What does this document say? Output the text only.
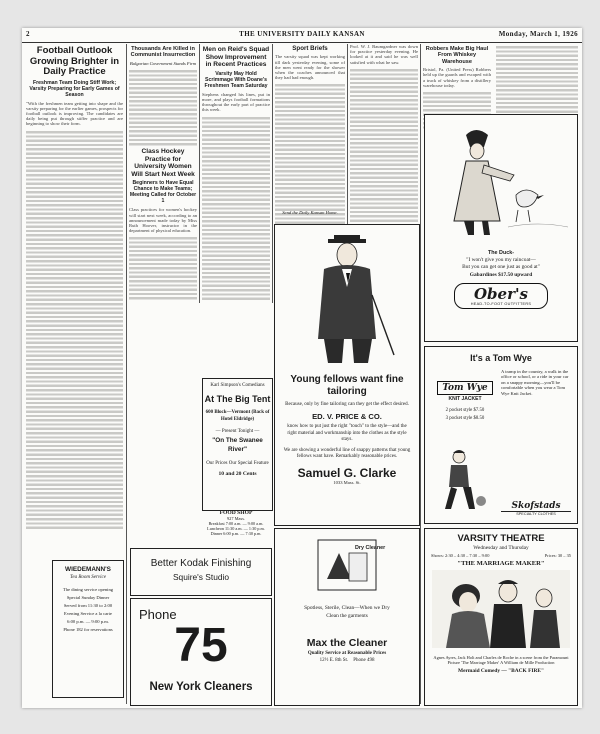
2	THE UNIVERSITY DAILY KANSAN	Monday, March 1, 1926
Football Outlook Growing Brighter in Daily Practice
Freshman Team Doing Stiff Work; Varsity Preparing for Early Games of Season
"With the freshmen team getting into shape and the varsity preparing for the earlier games, prospects for football outlook is improving. The candidates are daily being put through stiffer practice and are beginning to show their form.
WIEDEMANN'S
Tea Room Service
The dining service opening
Special Sunday Dinner
Served from 11:30 to 2:00
Evening Service a la carte
6:00 p.m. — 9:00 p.m.
Phone 182 for reservations
Thousands Are Killed in Communist Insurrection
Bulgarian Government Stands Firm
Class Hockey Practice for University Women Will Start Next Week
Beginners to Have Equal Chance to Make Teams; Meeting Called for October 1
Class practices for women's hockey will start next week, according to an announcement made today by Miss Ruth Hoover, instructor in the department of physical education.
Men on Reid's Squad Show Improvement in Recent Practices
Varsity May Hold Scrimmage With Doane's Freshmen Team Saturday
Stephens changed his lines, put in more, and plays football formations throughout the early part of practice this week.
Sport Briefs
The varsity squad was kept working till dark yesterday evening, some of the men went ready for the shower when the coaches announced that they had had enough.
Prof. W. J. Baumgardner was down for practice yesterday evening. He looked at it and said he was well satisfied with what he saw.
Robbers Make Big Haul From Whiskey Warehouse
Bristol, Pa. (United Press) Robbers held up the guards and escaped with a truck of whiskey from a distillery warehouse today.
The Duck-
"I won't give you my raincoat—
But you can get one just as good at"
Gabardines $17.50 upward
Ober's
HEAD-TO-FOOT OUTFITTERS
It's a Tom Wye
A tramp in the country, a walk in the office or school, or a ride in your car on a snappy morning—you'll be comfortable when you wear a Tom Wye Knit Jacket.
Tom Wye
KNIT JACKET
2 pocket style $7.50
3 pocket style $8.50
Skofstads
SPECIALTY CLOTHES
Karl Simpson's Comedians
At The Big Tent
600 Block—Vermont (Back of Hotel Eldridge)
— Present Tonight —
"On The Swanee River"
Our Prices Our Special Feature
10 and 20 Cents
FOOD SHOP
927 Mass.
Breakfast 7:00 a.m. — 9:00 a.m.
Luncheon 11:30 a.m. — 1:30 p.m.
Dinner 6:00 p.m. — 7:30 p.m.
Young fellows want fine tailoring
Because, only by fine tailoring can they get the effect desired.
ED. V. PRICE & CO.
know how to put just the right "touch" to the style—and the right material and workmanship into the clothes as the style stays.
We are showing a wonderful line of snappy patterns that young fellows want have. Remarkably reasonable prices.
Samuel G. Clarke
1033 Mass. St.
Send the Daily Kansan Home.
Better Kodak Finishing
Squire's Studio
Phone
75
New York Cleaners
Dry Cleaner
Spotless, Sterile, Clean—When we Dry
Clean the garments
Max the Cleaner
Quality Service at Reasonable Prices
12½ E. 8th St. Phone 498
VARSITY THEATRE
Wednesday and Thursday
Shows: 2:30 – 4:30 – 7:30 – 9:00	Prices: 30 – 35
"THE MARRIAGE MAKER"
Agnes Ayres, Jack Holt and Charles de Roche in a scene from the Paramount Picture 'The Marriage Maker' A William de Mille Production
Mermaid Comedy — "BACK FIRE"
